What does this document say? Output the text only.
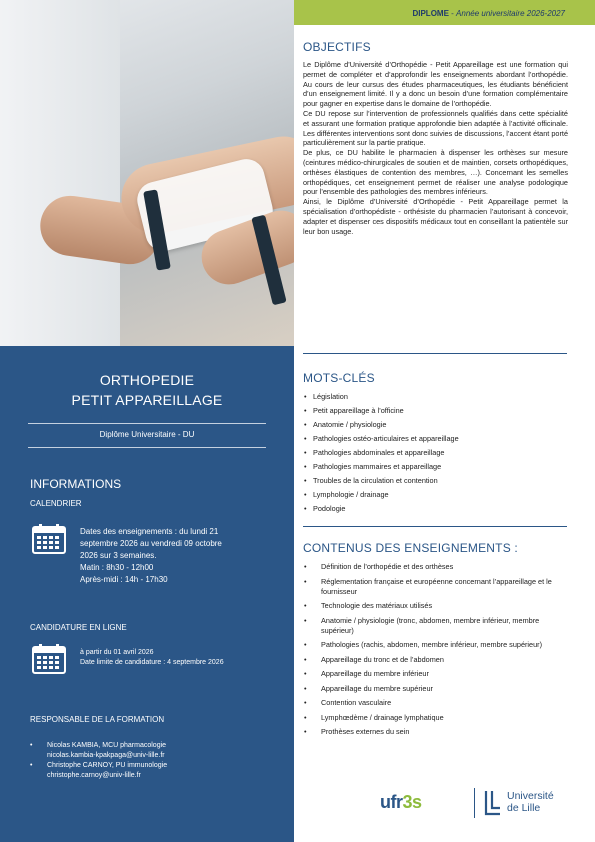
ORTHOPEDIE
PETIT APPAREILLAGE
Diplôme Universitaire - DU
INFORMATIONS
CALENDRIER
Dates des enseignements : du lundi 21
septembre 2026 au vendredi 09 octobre
2026 sur 3 semaines.
Matin : 8h30 - 12h00
Après-midi : 14h - 17h30
CANDIDATURE EN LIGNE
à partir du 01 avril 2026
Date limite de candidature : 4 septembre 2026
RESPONSABLE DE LA FORMATION
• Nicolas KAMBIA, MCU pharmacologie
nicolas.kambia-kpakpaga@univ-lille.fr
• Christophe CARNOY, PU immunologie
christophe.carnoy@univ-lille.fr
DIPLOME - Année universitaire 2026-2027
OBJECTIFS

Le Diplôme d’Université d’Orthopédie - Petit Appareillage est une formation qui permet de compléter et d’approfondir les enseignements abordant l’orthopédie. Au cours de leur cursus des études pharmaceutiques, les étudiants bénéficient d’un enseignement limité. Il y a donc un besoin d’une formation complémentaire pour gagner en expertise dans le domaine de l’orthopédie.

Ce DU repose sur l’intervention de professionnels qualifiés dans cette spécialité et assurant une formation pratique approfondie bien adaptée à l’activité officinale. Les différentes interventions sont donc suivies de discussions, l’accent étant porté particulièrement sur la partie pratique.

De plus, ce DU habilite le pharmacien à dispenser les orthèses sur mesure (ceintures médico-chirurgicales de soutien et de maintien, corsets orthopédiques, orthèses élastiques de contention des membres, …). Concernant les semelles orthopédiques, cet enseignement permet de réaliser une analyse podologique pour l’ensemble des pathologies des membres inférieurs.

Ainsi, le Diplôme d’Université d’Orthopédie - Petit Appareillage permet la spécialisation d’orthopédiste - orthésiste du pharmacien l’autorisant à concevoir, adapter et dispenser ces dispositifs médicaux tout en conseillant la patientèle sur leur bon usage.

MOTS-CLÉS
• Législation
• Petit appareillage à l’officine
• Anatomie / physiologie
• Pathologies ostéo-articulaires et appareillage
• Pathologies abdominales et appareillage
• Pathologies mammaires et appareillage
• Troubles de la circulation et contention
• Lymphologie / drainage
• Podologie
CONTENUS DES ENSEIGNEMENTS :
• Définition de l’orthopédie et des orthèses
• Réglementation française et européenne concernant l’appareillage et le fournisseur
• Technologie des matériaux utilisés
• Anatomie / physiologie (tronc, abdomen, membre inférieur, membre supérieur)
• Pathologies (rachis, abdomen, membre inférieur, membre supérieur)
• Appareillage du tronc et de l’abdomen
• Appareillage du membre inférieur
• Appareillage du membre supérieur
• Contention vasculaire
• Lymphœdème / drainage lymphatique
• Prothèses externes du sein
ufr3s	Université
de Lille
